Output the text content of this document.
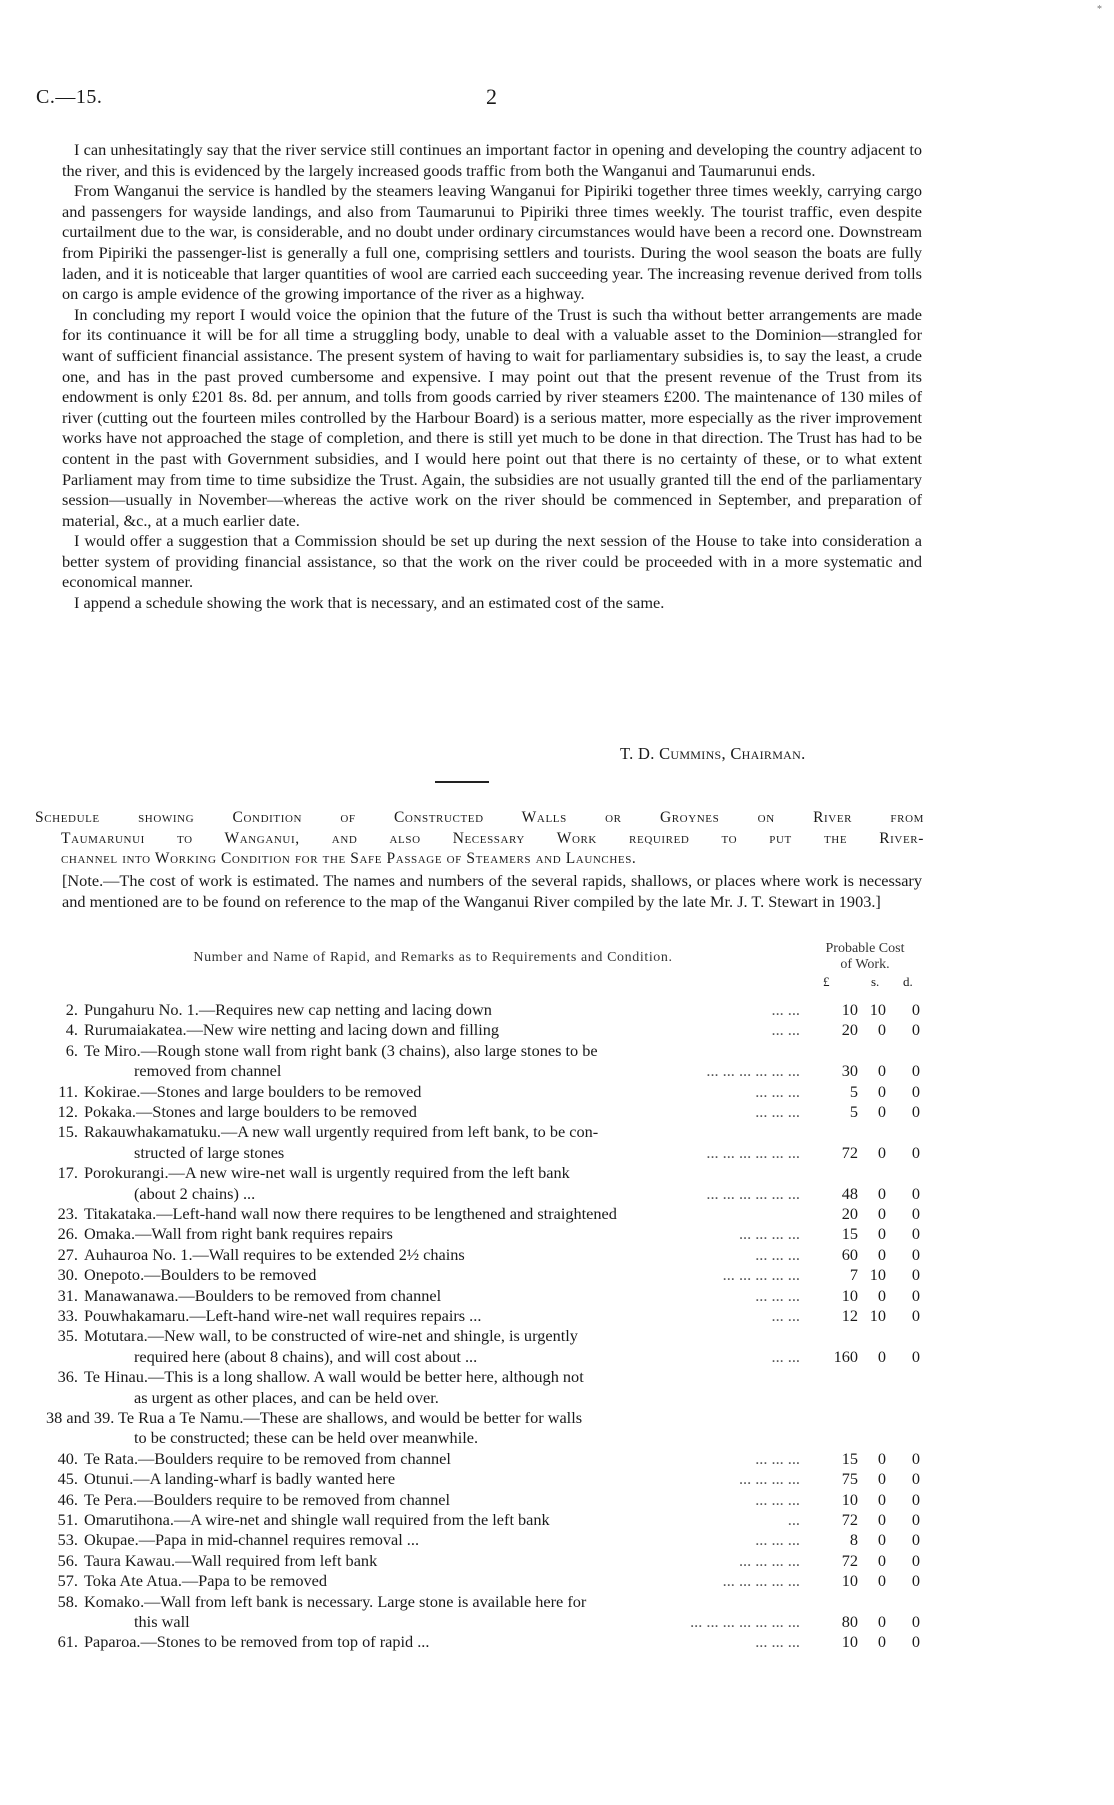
*
C.—15.	2

I can unhesitatingly say that the river service still continues an important factor in opening and developing the country adjacent to the river, and this is evidenced by the largely increased goods traffic from both the Wanganui and Taumarunui ends.

From Wanganui the service is handled by the steamers leaving Wanganui for Pipiriki together three times weekly, carrying cargo and passengers for wayside landings, and also from Taumarunui to Pipiriki three times weekly. The tourist traffic, even despite curtailment due to the war, is considerable, and no doubt under ordinary circumstances would have been a record one. Downstream from Pipiriki the passenger-list is generally a full one, comprising settlers and tourists. During the wool season the boats are fully laden, and it is noticeable that larger quantities of wool are carried each succeeding year. The increasing revenue derived from tolls on cargo is ample evidence of the growing importance of the river as a highway.

In concluding my report I would voice the opinion that the future of the Trust is such tha without better arrangements are made for its continuance it will be for all time a struggling body, unable to deal with a valuable asset to the Dominion—strangled for want of sufficient financial assistance. The present system of having to wait for parliamentary subsidies is, to say the least, a crude one, and has in the past proved cumbersome and expensive. I may point out that the present revenue of the Trust from its endowment is only £201 8s. 8d. per annum, and tolls from goods carried by river steamers £200. The maintenance of 130 miles of river (cutting out the fourteen miles controlled by the Harbour Board) is a serious matter, more especially as the river improvement works have not approached the stage of completion, and there is still yet much to be done in that direction. The Trust has had to be content in the past with Government subsidies, and I would here point out that there is no certainty of these, or to what extent Parliament may from time to time subsidize the Trust. Again, the subsidies are not usually granted till the end of the parliamentary session—usually in November—whereas the active work on the river should be commenced in September, and preparation of material, &c., at a much earlier date.

I would offer a suggestion that a Commission should be set up during the next session of the House to take into consideration a better system of providing financial assistance, so that the work on the river could be proceeded with in a more systematic and economical manner.

I append a schedule showing the work that is necessary, and an estimated cost of the same.

T. D. Cummins, Chairman.
Schedule showing Condition of Constructed Walls or Groynes on River from
Taumarunui to Wanganui, and also Necessary Work required to put the River-
channel into Working Condition for the Safe Passage of Steamers and Launches.
[Note.—The cost of work is estimated. The names and numbers of the several rapids, shallows, or places where work is necessary and mentioned are to be found on reference to the map of the Wanganui River compiled by the late Mr. J. T. Stewart in 1903.]
Number and Name of Rapid, and Remarks as to Requirements and Condition.
Probable Cost
of Work.
£	s. d.
2. Pungahuru No. 1.—Requires new cap netting and lacing down	... ...	10 10	0
4. Rurumaiakatea.—New wire netting and lacing down and filling	... ...	20	0	0
6. Te Miro.—Rough stone wall from right bank (3 chains), also large stones to be
removed from channel	... ... ... ... ... ...	30	0	0
11. Kokirae.—Stones and large boulders to be removed	... ... ...	5	0	0
12. Pokaka.—Stones and large boulders to be removed	... ... ...	5	0	0
15. Rakauwhakamatuku.—A new wall urgently required from left bank, to be con-
structed of large stones	... ... ... ... ... ...	72	0	0
17. Porokurangi.—A new wire-net wall is urgently required from the left bank
(about 2 chains) ...	... ... ... ... ... ...	48	0	0
23. Titakataka.—Left-hand wall now there requires to be lengthened and straightened	20	0	0
26. Omaka.—Wall from right bank requires repairs	... ... ... ...	15	0	0
27. Auhauroa No. 1.—Wall requires to be extended 2½ chains	... ... ...	60	0	0
30. Onepoto.—Boulders to be removed	... ... ... ... ...	7 10	0
31. Manawanawa.—Boulders to be removed from channel	... ... ...	10	0	0
33. Pouwhakamaru.—Left-hand wire-net wall requires repairs ...	... ...	12 10	0
35. Motutara.—New wall, to be constructed of wire-net and shingle, is urgently
required here (about 8 chains), and will cost about ...	... ...	160	0	0
36. Te Hinau.—This is a long shallow. A wall would be better here, although not
as urgent as other places, and can be held over.
38 and 39. Te Rua a Te Namu.—These are shallows, and would be better for walls
to be constructed; these can be held over meanwhile.
40. Te Rata.—Boulders require to be removed from channel	... ... ...	15	0	0
45. Otunui.—A landing-wharf is badly wanted here	... ... ... ...	75	0	0
46. Te Pera.—Boulders require to be removed from channel	... ... ...	10	0	0
51. Omarutihona.—A wire-net and shingle wall required from the left bank	...	72	0	0
53. Okupae.—Papa in mid-channel requires removal ...	... ... ...	8	0	0
56. Taura Kawau.—Wall required from left bank	... ... ... ...	72	0	0
57. Toka Ate Atua.—Papa to be removed	... ... ... ... ...	10	0	0
58. Komako.—Wall from left bank is necessary. Large stone is available here for
this wall	... ... ... ... ... ... ...	80	0	0
61. Paparoa.—Stones to be removed from top of rapid ...	... ... ...	10	0	0
